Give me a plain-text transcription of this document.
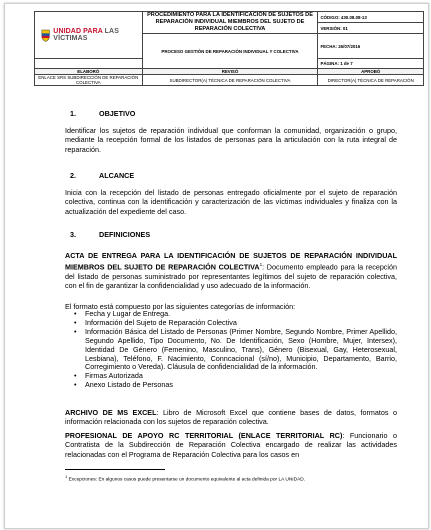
UNIDAD PARA LAS VÍCTIMAS	PROCEDIMIENTO PARA LA IDENTIFICACIÓN DE SUJETOS DE REPARACIÓN INDIVIDUAL MIEMBROS DEL SUJETO DE REPARACIÓN COLECTIVA	CÓDIGO: 430.08.08-13
		VERSIÓN: 01
	PROCESO GESTIÓN DE REPARACIÓN INDIVIDUAL Y COLECTIVA	FECHA: 26/07/2016
		PÁGINA: 1 de 7
ELABORÓ	REVISÓ	APROBÓ
ENLACE SRS SUBDIRECCIÓN DE REPARACIÓN COLECTIVA	SUBDIRECTOR(A) TÉCNICA DE REPARACIÓN COLECTIVA	DIRECTOR(A) TÉCNICA DE REPARACIÓN
1.	OBJETIVO

Identificar los sujetos de reparación individual que conforman la comunidad, organización o grupo, mediante la recepción formal de los listados de personas para la articulación con la ruta integral de reparación.

2.	ALCANCE

Inicia con la recepción del listado de personas entregado oficialmente por el sujeto de reparación colectiva, continua con la identificación y caracterización de las víctimas individuales y finaliza con la actualización del expediente del caso.

3.	DEFINICIONES

ACTA DE ENTREGA PARA LA IDENTIFICACIÓN DE SUJETOS DE REPARACIÓN INDIVIDUAL MIEMBROS DEL SUJETO DE REPARACIÓN COLECTIVA$^1$: Documento empleado para la recepción del listado de personas suministrado por representantes legítimos del sujeto de reparación colectiva, con el fin de garantizar la confidencialidad y uso adecuado de la información.

El formato está compuesto por las siguientes categorías de información:

• Fecha y Lugar de Entrega.
• Información del Sujeto de Reparación Colectiva
• Información Básica del Listado de Personas (Primer Nombre, Segundo Nombre, Primer Apellido, Segundo Apellido, Tipo Documento, No. De Identificación, Sexo (Hombre, Mujer, Intersex), Identidad De Género (Femenino, Masculino, Trans), Género (Bisexual, Gay, Heterosexual, Lesbiana), Teléfono, F. Nacimiento, Conncacional (sí/no), Municipio, Departamento, Barrio, Corregimiento o Vereda). Cláusula de confidencialidad de la información.
• Firmas Autorizada
• Anexo Listado de Personas

ARCHIVO DE MS EXCEL: Libro de Microsoft Excel que contiene bases de datos, formatos o información relacionada con los sujetos de reparación colectiva.

PROFESIONAL DE APOYO RC TERRITORIAL (ENLACE TERRITORIAL RC): Funcionario o Contratista de la Subdirección de Reparación Colectiva encargado de realizar las actividades relacionadas con el Programa de Reparación Colectiva para los casos en

$^1$ Excepciones: En algunos casos puede presentarse un documento equivalente al acta definida por LA UNIDAD.
